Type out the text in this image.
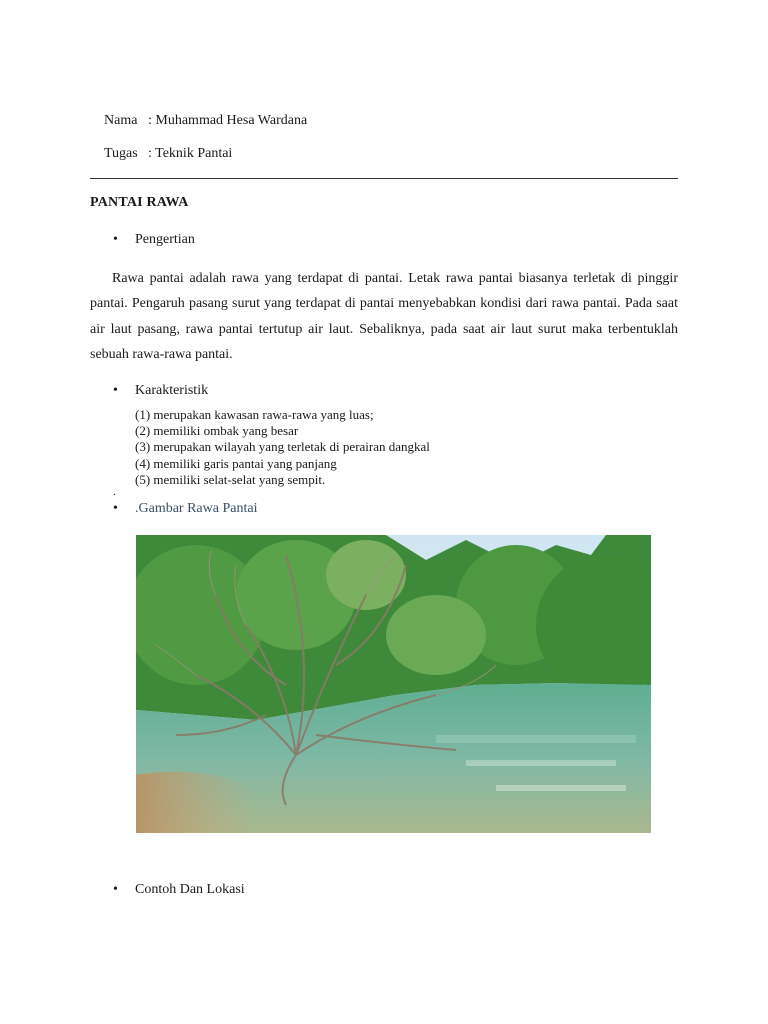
Nama : Muhammad Hesa Wardana

Tugas : Teknik Pantai

PANTAI RAWA
•	Pengertian

Rawa pantai adalah rawa yang terdapat di pantai. Letak rawa pantai biasanya terletak di pinggir pantai. Pengaruh pasang surut yang terdapat di pantai menyebabkan kondisi dari rawa pantai. Pada saat air laut pasang, rawa pantai tertutup air laut. Sebaliknya, pada saat air laut surut maka terbentuklah sebuah rawa-rawa pantai.

•	Karakteristik
(1) merupakan kawasan rawa-rawa yang luas;
(2) memiliki ombak yang besar
(3) merupakan wilayah yang terletak di perairan dangkal
(4) memiliki garis pantai yang panjang
(5) memiliki selat-selat yang sempit.
.
•	.Gambar Rawa Pantai
•	Contoh Dan Lokasi
